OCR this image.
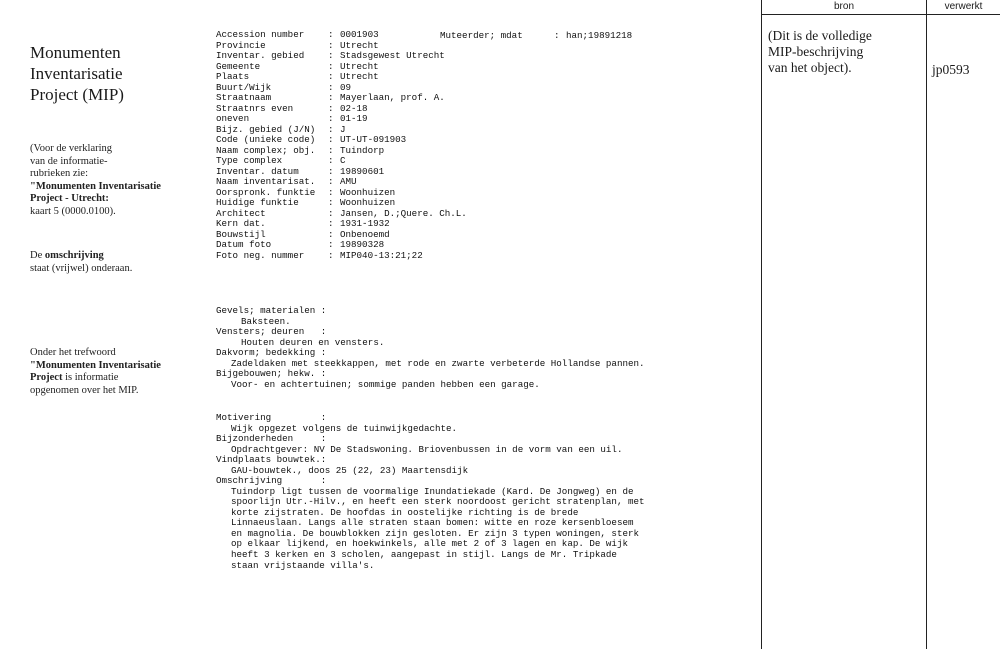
Monumenten
Inventarisatie
Project (MIP)
(Voor de verklaring
van de informatie-
rubrieken zie:
"Monumenten Inventarisatie
Project - Utrecht:
kaart 5 (0000.0100).
De omschrijving
staat (vrijwel) onderaan.
Onder het trefwoord
"Monumenten Inventarisatie
Project is informatie
opgenomen over het MIP.
Muteerder; mdat	: han;19891218
Accession number	: 0001903
Provincie	: Utrecht
Inventar. gebied	: Stadsgewest Utrecht
Gemeente	: Utrecht
Plaats	: Utrecht
Buurt/Wijk	: 09
Straatnaam	: Mayerlaan, prof. A.
Straatnrs even	: 02-18
oneven	: 01-19
Bijz. gebied (J/N) : J
Code (unieke code) : UT-UT-091903
Naam complex; obj. : Tuindorp
Type complex	: C
Inventar. datum	: 19890601
Naam inventarisat. : AMU
Oorspronk. funktie : Woonhuizen
Huidige funktie	: Woonhuizen
Architect	: Jansen, D.;Quere. Ch.L.
Kern dat.	: 1931-1932
Bouwstijl	: Onbenoemd
Datum foto	: 19890328
Foto neg. nummer	: MIP040-13:21;22
Gevels; materialen :
Baksteen.
Vensters; deuren   :
Houten deuren en vensters.
Dakvorm; bedekking :
Zadeldaken met steekkappen, met rode en zwarte verbeterde Hollandse pannen.
Bijgebouwen; hekw. :
Voor- en achtertuinen; sommige panden hebben een garage.
Motivering         :
Wijk opgezet volgens de tuinwijkgedachte.
Bijzonderheden     :
Opdrachtgever: NV De Stadswoning. Briovenbussen in de vorm van een uil.
Vindplaats bouwtek.:
GAU-bouwtek., doos 25 (22, 23) Maartensdijk
Omschrijving       :
Tuindorp ligt tussen de voormalige Inundatiekade (Kard. De Jongweg) en de
spoorlijn Utr.-Hilv., en heeft een sterk noordoost gericht stratenplan, met
korte zijstraten. De hoofdas in oostelijke richting is de brede
Linnaeuslaan. Langs alle straten staan bomen: witte en roze kersenbloesem
en magnolia. De bouwblokken zijn gesloten. Er zijn 3 typen woningen, sterk
op elkaar lijkend, en hoekwinkels, alle met 2 of 3 lagen en kap. De wijk
heeft 3 kerken en 3 scholen, aangepast in stijl. Langs de Mr. Tripkade
staan vrijstaande villa's.
bron	verwerkt
(Dit is de volledige
MIP-beschrijving
van het object).	jp0593
